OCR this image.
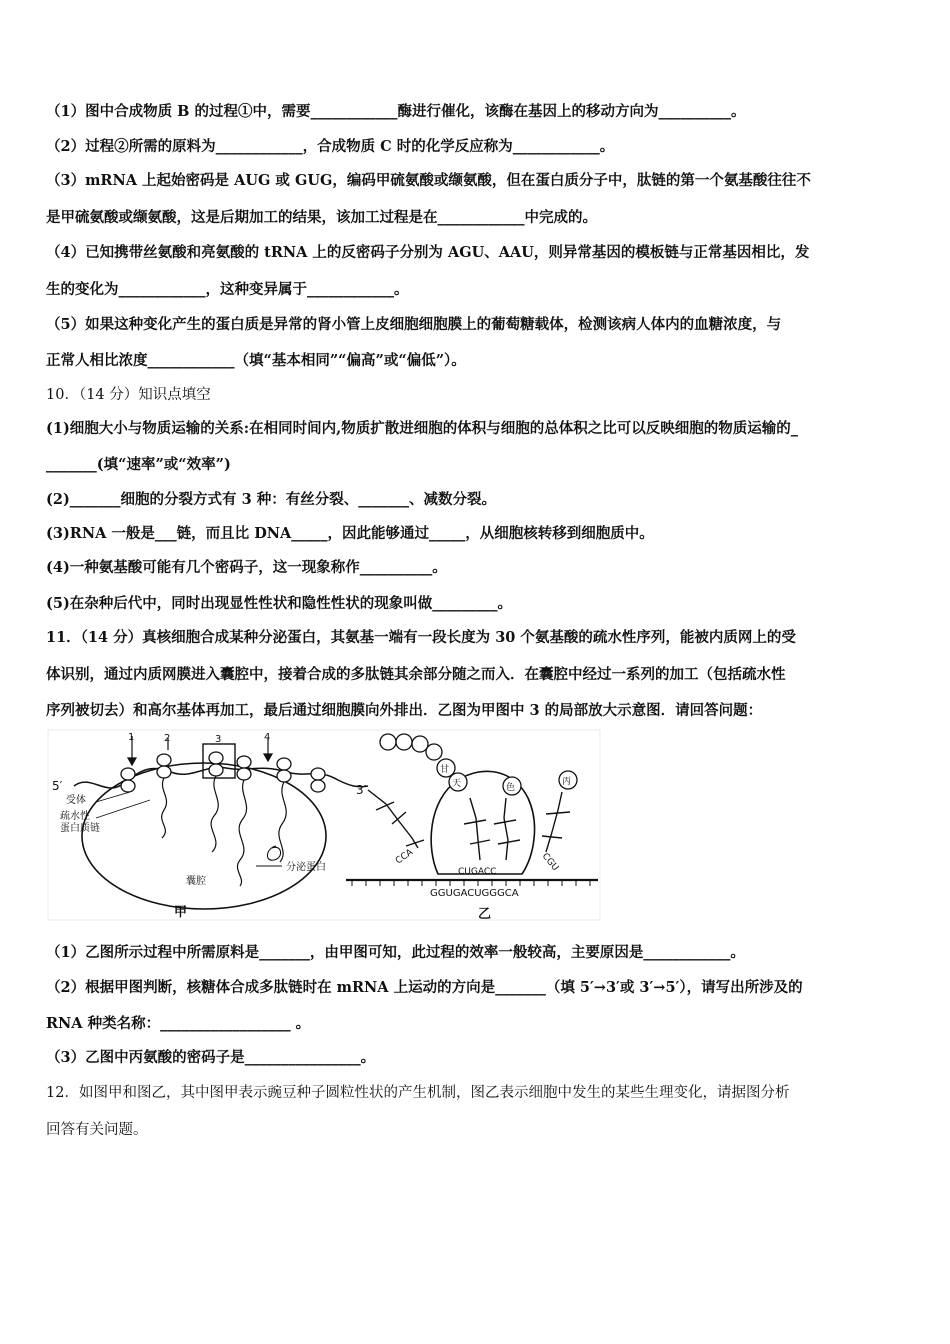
（1）图中合成物质 B 的过程①中，需要____________酶进行催化，该酶在基因上的移动方向为__________。
（2）过程②所需的原料为____________，合成物质 C 时的化学反应称为____________。
（3）mRNA 上起始密码是 AUG 或 GUG，编码甲硫氨酸或缬氨酸，但在蛋白质分子中，肽链的第一个氨基酸往往不
是甲硫氨酸或缬氨酸，这是后期加工的结果，该加工过程是在____________中完成的。
（4）已知携带丝氨酸和亮氨酸的 tRNA 上的反密码子分别为 AGU、AAU，则异常基因的模板链与正常基因相比，发
生的变化为____________，这种变异属于____________。
（5）如果这种变化产生的蛋白质是异常的肾小管上皮细胞细胞膜上的葡萄糖载体，检测该病人体内的血糖浓度，与
正常人相比浓度____________（填“基本相同”“偏高”或“偏低”）。
10．（14 分）知识点填空
(1)细胞大小与物质运输的关系:在相同时间内,物质扩散进细胞的体积与细胞的总体积之比可以反映细胞的物质运输的_
_______(填“速率”或“效率”)
(2)_______细胞的分裂方式有 3 种：有丝分裂、_______、减数分裂。
(3)RNA 一般是___链，而且比 DNA_____，因此能够通过_____，从细胞核转移到细胞质中。
(4)一种氨基酸可能有几个密码子，这一现象称作__________。
(5)在杂种后代中，同时出现显性性状和隐性性状的现象叫做_________。
11．（14 分）真核细胞合成某种分泌蛋白，其氨基一端有一段长度为 30 个氨基酸的疏水性序列，能被内质网上的受
体识别，通过内质网膜进入囊腔中，接着合成的多肽链其余部分随之而入．在囊腔中经过一系列的加工（包括疏水性
序列被切去）和高尔基体再加工，最后通过细胞膜向外排出．乙图为甲图中 3 的局部放大示意图．请回答问题：
5′	3′
1	2	3	4
受体
疏水性
蛋白质链
分泌蛋白
囊腔
甲
甘
天	色
丙
CCA
CUGACC	CGU
GGUGACUGGGCA
乙
（1）乙图所示过程中所需原料是_______，由甲图可知，此过程的效率一般较高，主要原因是____________。
（2）根据甲图判断，核糖体合成多肽链时在 mRNA 上运动的方向是_______（填 5′→3′或 3′→5′），请写出所涉及的
RNA 种类名称：__________________ 。
（3）乙图中丙氨酸的密码子是________________。
12．如图甲和图乙，其中图甲表示豌豆种子圆粒性状的产生机制，图乙表示细胞中发生的某些生理变化，请据图分析
回答有关问题。
